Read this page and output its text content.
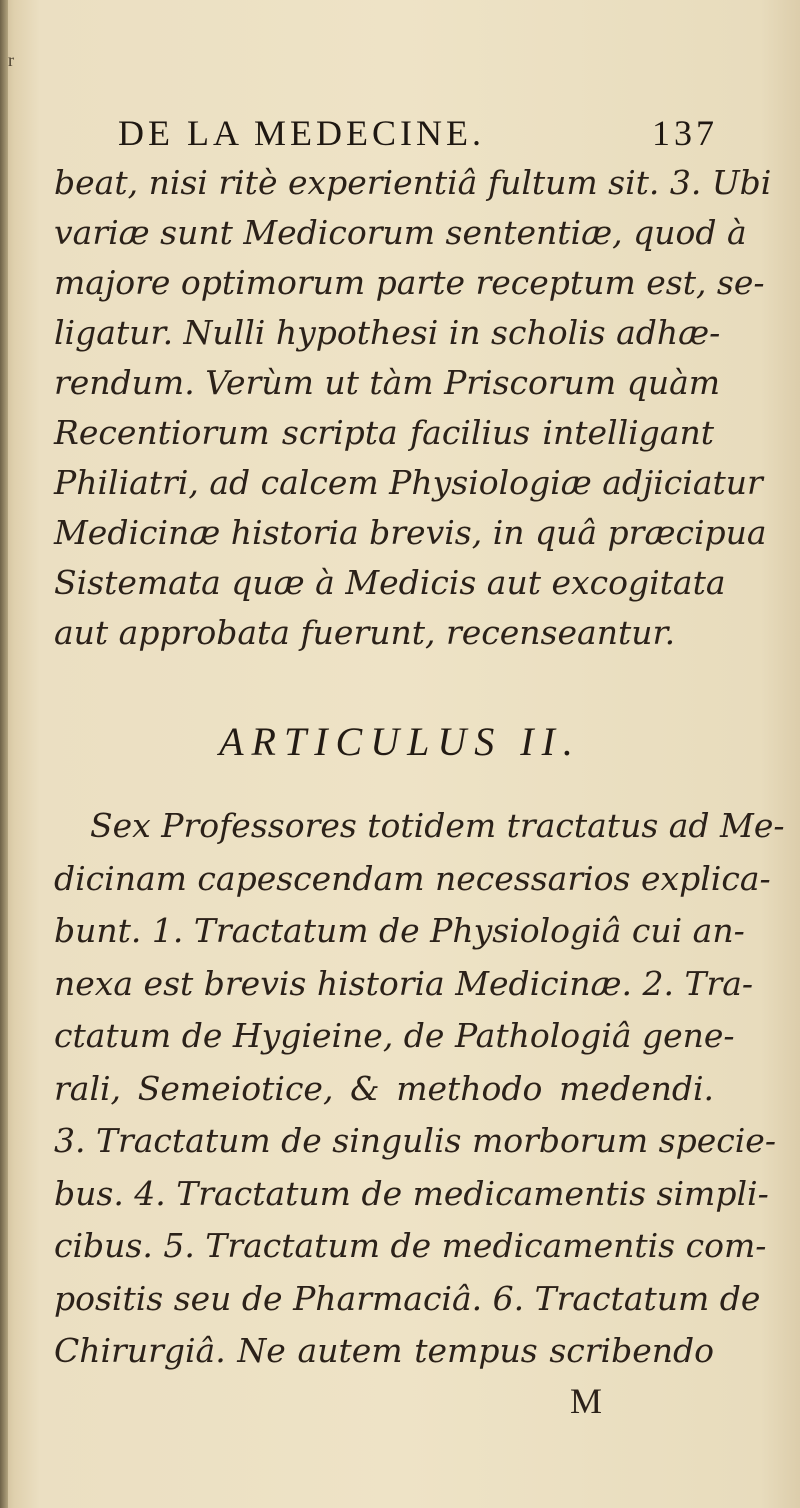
r
DE LA MEDECINE.	137
beat, nisi ritè experientiâ fultum sit. 3. Ubi
variæ sunt Medicorum sententiæ, quod à
majore optimorum parte receptum est, se-
ligatur. Nulli hypothesi in scholis adhæ-
rendum. Verùm ut tàm Priscorum quàm
Recentiorum scripta facilius intelligant
Philiatri, ad calcem Physiologiæ adjiciatur
Medicinæ historia brevis, in quâ præcipua
Sistemata quæ à Medicis aut excogitata
aut approbata fuerunt, recenseantur.
ARTICULUS II.
Sex Professores totidem tractatus ad Me-
dicinam capescendam necessarios explica-
bunt. 1. Tractatum de Physiologiâ cui an-
nexa est brevis historia Medicinæ. 2. Tra-
ctatum de Hygieine, de Pathologiâ gene-
rali, Semeiotice, & methodo medendi.
3. Tractatum de singulis morborum specie-
bus. 4. Tractatum de medicamentis simpli-
cibus. 5. Tractatum de medicamentis com-
positis seu de Pharmaciâ. 6. Tractatum de
Chirurgiâ. Ne autem tempus scribendo
M
